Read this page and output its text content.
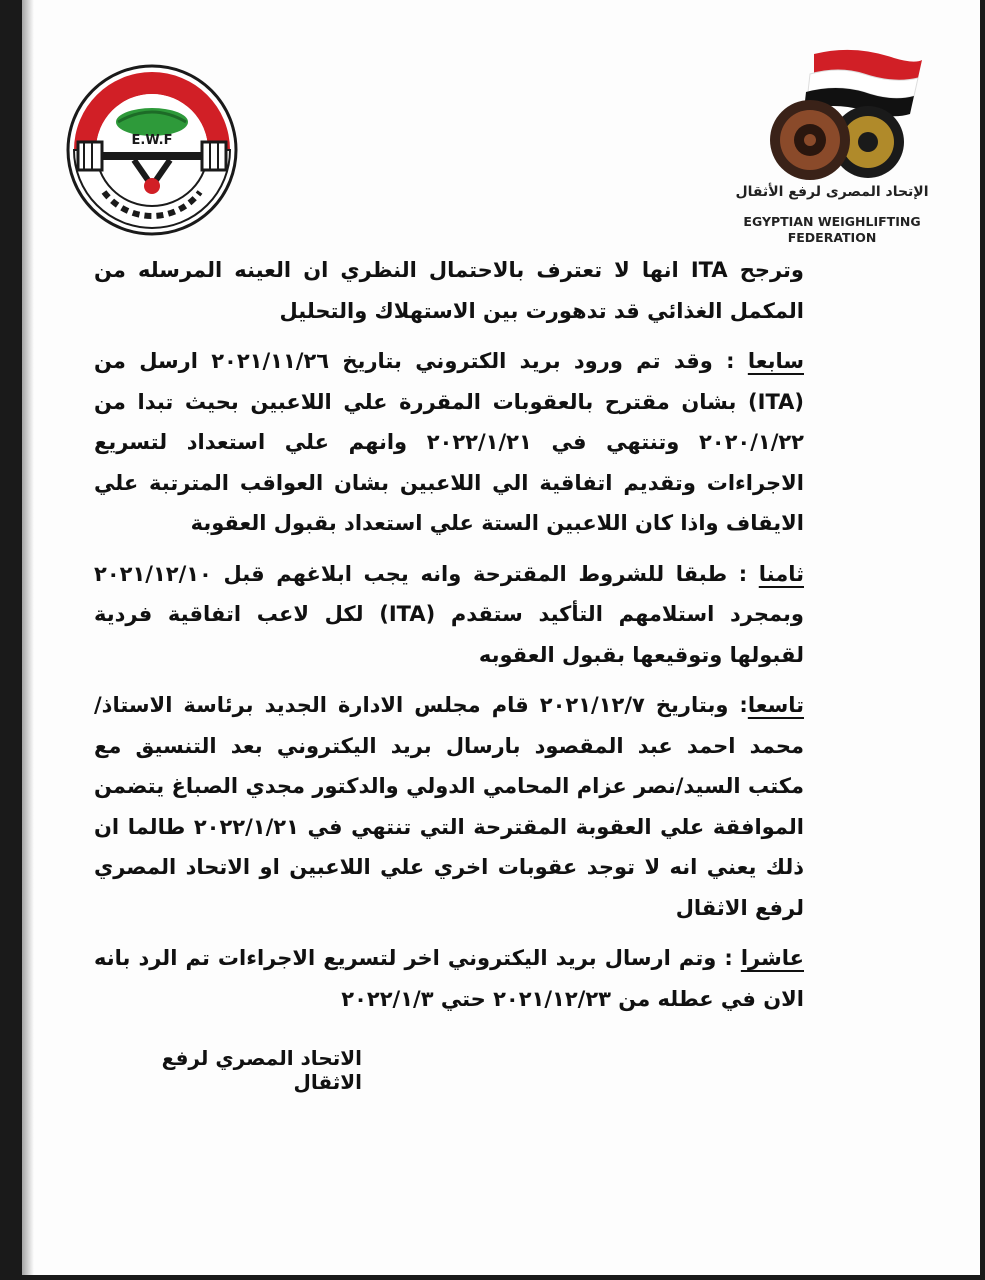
E.W.F
الإتحاد المصرى لرفع الأثقال
EGYPTIAN WEIGHLIFTING
FEDERATION

وترجح ITA انها لا تعترف بالاحتمال النظري ان العينه المرسله من المكمل الغذائي قد تدهورت بين الاستهلاك والتحليل

سابعا : وقد تم ورود بريد الكتروني بتاريخ ٢٠٢١/١١/٢٦ ارسل من (ITA) بشان مقترح بالعقوبات المقررة علي اللاعبين بحيث تبدا من ٢٠٢٠/١/٢٢ وتنتهي في ٢٠٢٢/١/٢١ وانهم علي استعداد لتسريع الاجراءات وتقديم اتفاقية الي اللاعبين بشان العواقب المترتبة علي الايقاف واذا كان اللاعبين الستة علي استعداد بقبول العقوبة

ثامنا : طبقا للشروط المقترحة وانه يجب ابلاغهم قبل ٢٠٢١/١٢/١٠ وبمجرد استلامهم التأكيد ستقدم (ITA) لكل لاعب اتفاقية فردية لقبولها وتوقيعها بقبول العقوبه

تاسعا: وبتاريخ ٢٠٢١/١٢/٧ قام مجلس الادارة الجديد برئاسة الاستاذ/ محمد احمد عبد المقصود بارسال بريد اليكتروني بعد التنسيق مع مكتب السيد/نصر عزام المحامي الدولي والدكتور مجدي الصباغ يتضمن الموافقة علي العقوبة المقترحة التي تنتهي في ٢٠٢٢/١/٢١ طالما ان ذلك يعني انه لا توجد عقوبات اخري علي اللاعبين او الاتحاد المصري لرفع الاثقال

عاشرا : وتم ارسال بريد اليكتروني اخر لتسريع الاجراءات تم الرد بانه الان في عطله من ٢٠٢١/١٢/٢٣ حتي ٢٠٢٢/١/٣

الاتحاد المصري لرفع الاثقال
